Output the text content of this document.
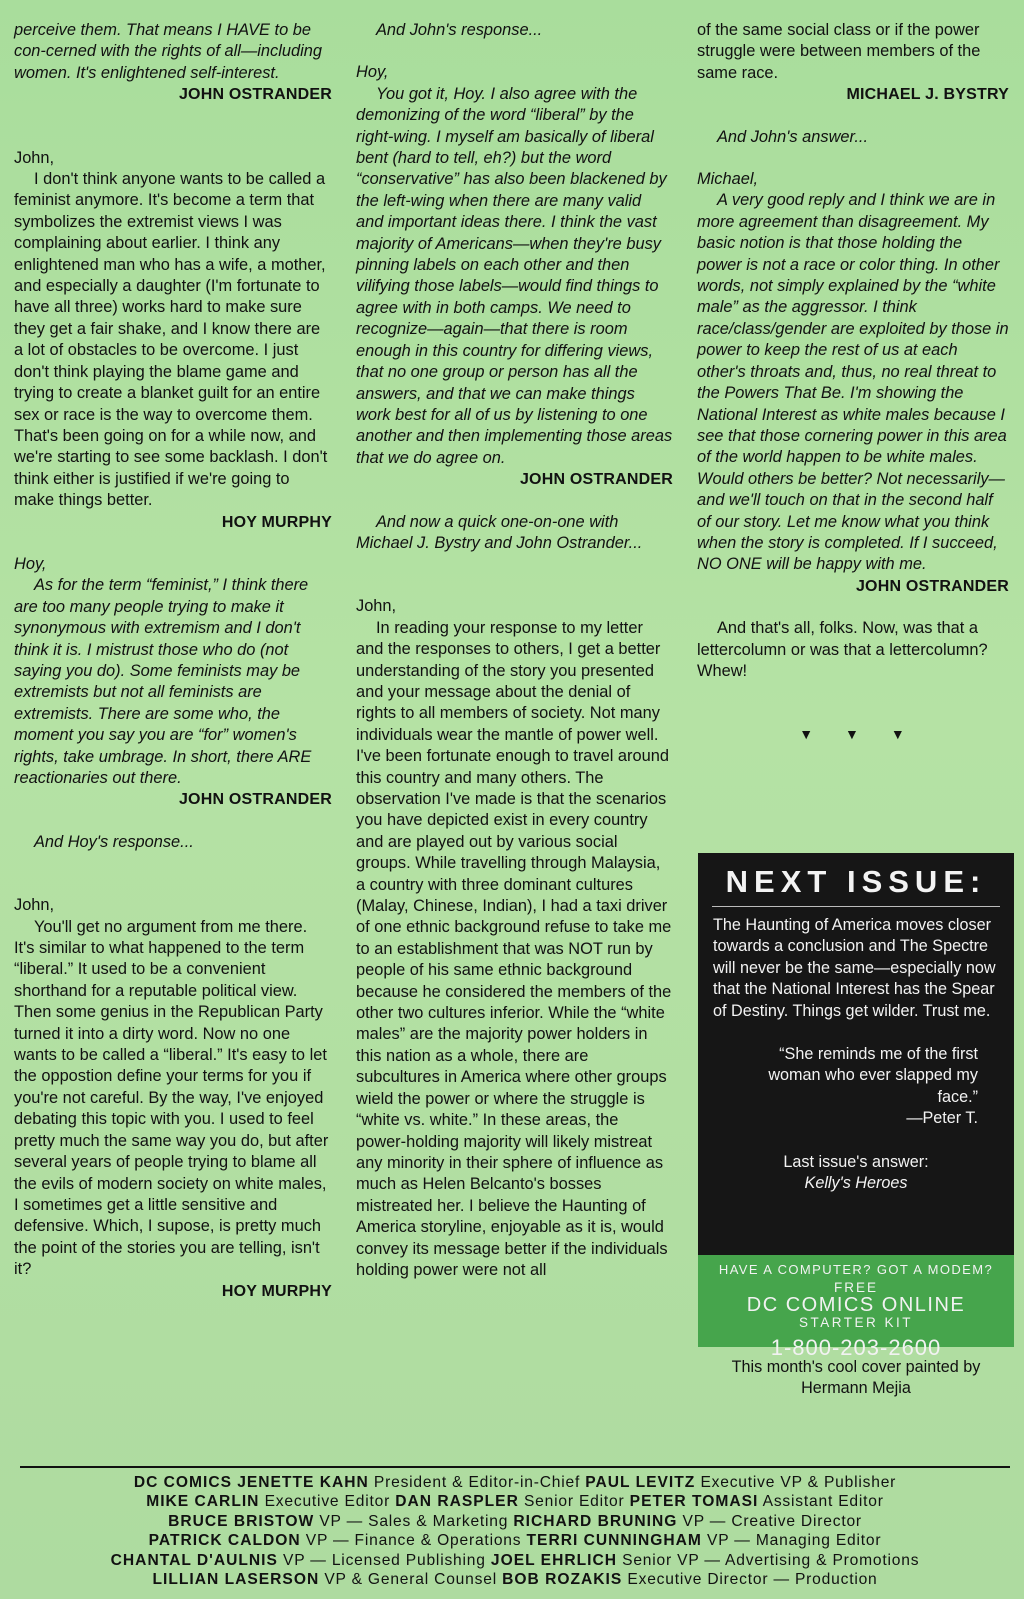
perceive them. That means I HAVE to be con-cerned with the rights of all—including women. It's enlightened self-interest.

JOHN OSTRANDER

John,

I don't think anyone wants to be called a feminist anymore. It's become a term that symbolizes the extremist views I was complaining about earlier. I think any enlightened man who has a wife, a mother, and especially a daughter (I'm fortunate to have all three) works hard to make sure they get a fair shake, and I know there are a lot of obstacles to be overcome. I just don't think playing the blame game and trying to create a blanket guilt for an entire sex or race is the way to overcome them. That's been going on for a while now, and we're starting to see some backlash. I don't think either is justified if we're going to make things better.

HOY MURPHY

Hoy,

As for the term “feminist,” I think there are too many people trying to make it synonymous with extremism and I don't think it is. I mistrust those who do (not saying you do). Some feminists may be extremists but not all feminists are extremists. There are some who, the moment you say you are “for” women's rights, take umbrage. In short, there ARE reactionaries out there.

JOHN OSTRANDER

And Hoy's response...

John,

You'll get no argument from me there. It's similar to what happened to the term “liberal.” It used to be a convenient shorthand for a reputable political view. Then some genius in the Republican Party turned it into a dirty word. Now no one wants to be called a “liberal.” It's easy to let the oppostion define your terms for you if you're not careful. By the way, I've enjoyed debating this topic with you. I used to feel pretty much the same way you do, but after several years of people trying to blame all the evils of modern society on white males, I sometimes get a little sensitive and defensive. Which, I supose, is pretty much the point of the stories you are telling, isn't it?

HOY MURPHY

And John's response...

Hoy,

You got it, Hoy. I also agree with the demonizing of the word “liberal” by the right-wing. I myself am basically of liberal bent (hard to tell, eh?) but the word “conservative” has also been blackened by the left-wing when there are many valid and important ideas there. I think the vast majority of Americans—when they're busy pinning labels on each other and then vilifying those labels—would find things to agree with in both camps. We need to recognize—again—that there is room enough in this country for differing views, that no one group or person has all the answers, and that we can make things work best for all of us by listening to one another and then implementing those areas that we do agree on.

JOHN OSTRANDER

And now a quick one-on-one with Michael J. Bystry and John Ostrander...

John,

In reading your response to my letter and the responses to others, I get a better understanding of the story you presented and your message about the denial of rights to all members of society. Not many individuals wear the mantle of power well. I've been fortunate enough to travel around this country and many others. The observation I've made is that the scenarios you have depicted exist in every country and are played out by various social groups. While travelling through Malaysia, a country with three dominant cultures (Malay, Chinese, Indian), I had a taxi driver of one ethnic background refuse to take me to an establishment that was NOT run by people of his same ethnic background because he considered the members of the other two cultures inferior. While the “white males” are the majority power holders in this nation as a whole, there are subcultures in America where other groups wield the power or where the struggle is “white vs. white.” In these areas, the power-holding majority will likely mistreat any minority in their sphere of influence as much as Helen Belcanto's bosses mistreated her. I believe the Haunting of America storyline, enjoyable as it is, would convey its message better if the individuals holding power were not all

of the same social class or if the power struggle were between members of the same race.

MICHAEL J. BYSTRY

And John's answer...

Michael,

A very good reply and I think we are in more agreement than disagreement. My basic notion is that those holding the power is not a race or color thing. In other words, not simply explained by the “white male” as the aggressor. I think race/class/gender are exploited by those in power to keep the rest of us at each other's throats and, thus, no real threat to the Powers That Be. I'm showing the National Interest as white males because I see that those cornering power in this area of the world happen to be white males. Would others be better? Not necessarily—and we'll touch on that in the second half of our story. Let me know what you think when the story is completed. If I succeed, NO ONE will be happy with me.

JOHN OSTRANDER

And that's all, folks. Now, was that a lettercolumn or was that a lettercolumn? Whew!

▼▼▼

NEXT ISSUE:
The Haunting of America moves closer towards a conclusion and The Spectre will never be the same—especially now that the National Interest has the Spear of Destiny. Things get wilder. Trust me.
“She reminds me of the first woman who ever slapped my face.”
—Peter T.
Last issue's answer:
Kelly's Heroes
HAVE A COMPUTER? GOT A MODEM?
FREE
DC COMICS ONLINE
STARTER KIT
1-800-203-2600
This month's cool cover painted by Hermann Mejia
DC COMICS JENETTE KAHN President & Editor-in-Chief PAUL LEVITZ Executive VP & Publisher
MIKE CARLIN Executive Editor DAN RASPLER Senior Editor PETER TOMASI Assistant Editor
BRUCE BRISTOW VP — Sales & Marketing RICHARD BRUNING VP — Creative Director
PATRICK CALDON VP — Finance & Operations TERRI CUNNINGHAM VP — Managing Editor
CHANTAL D'AULNIS VP — Licensed Publishing JOEL EHRLICH Senior VP — Advertising & Promotions
LILLIAN LASERSON VP & General Counsel BOB ROZAKIS Executive Director — Production
